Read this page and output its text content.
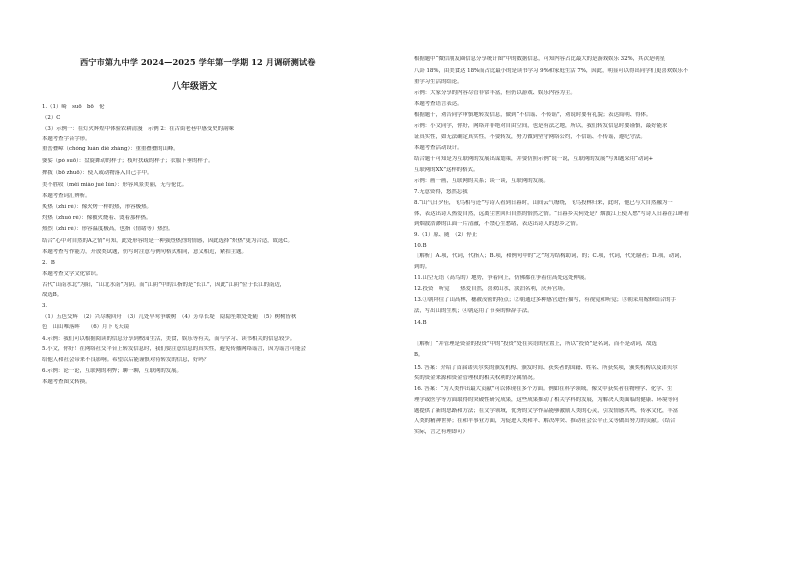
西宁市第九中学 2024—2025 学年第一学期 12 月调研测试卷
八年级语文
1.（1）崎　suō　bō　伦
（2）C
（3）示例一：在灯火辉煌中体验农耕清漫　示例 2：在古街老巷中感受史的韵味
本题考查字音字形。
重峦叠嶂（chóng luán dié zhàng）：重重叠叠的山峰。
婆娑（pó suō）：盘旋舞动的样子；枝叶扶疏的样子；衣服下垂的样子。
捭拨（bō zhuō）：使人或动物落入自己手中。
美不胜收（měi miào jué lún）：形容风景美丽，无与伦比。
本题考查词汇辨析。
炙热（zhì rè）：像火烤一样的热，形容极热。
灼热（zhuó rè）：像被火烧着、烫着那样热。
热烈（zhì rè）：形容温度极高，也指（情绪等）热烈。
结合“心中对自然的A之情”可知，此处形容的是一种强烈热烈的情感，因此选择“炽热”更为合适，故选C。
本题考查写作能力，开放类试题，仿写时注意与例句格式相同，意义相近，紧扣主题。
2．B
本题考查文学文化常识。
古代“山南水北”为阳，“山北水南”为阴。而“江阴”中的江指的是“长江”，因此“江阴”位于长江的南边，
故选B。
3．
（1）五色交辉　（2）兴尽晚回舟　（3）几处早莺争暖树　（4）芳草长堤　隐隐笙歌处处随　（5）树树皆秋
色　山山唯落晖　　（6）月下飞天镜
4.示例：我们可以根据阅读的信息分享到校园生活，美食，娱乐等有关，而与学习、读书相关的信息较少。
5.小文，你好！在网络社交平台上转发信息时，我们要注意信息的真实性，避免传播网络谣言，因为谣言可能会
给他人和社会带来不良影响。希望以后能谨慎对待转发的信息，好吗？
6.示例：论一论，互联网的利弊；聊一聊，互联网的发展。
本题考查图文转换。
根据题中“微信朋友圈信息分享统计图”中的数据信息，可知内容占比最大的是游戏娱乐 32%，其次是明星
八卦 18%，由美食达 18%而占比最小的是读书学习 9%和家庭生活 7%，因此，明显可以得出同学们更喜欢娱乐不
重学习生活的结论。
示例：大家分享的内容尽管非常丰富，但仍以游戏、娱乐内容为主。
本题考查语言表达。
根据题干，劝告同学审慎地转发信息，做到“不信谣、不传谣”，劝说时要有礼貌；表达简明、得体。
示例：小文同学，你好，网络并非绝对自由空间，也是有法之地，所以，我们转发信息时要谨慎，最好能求
证真实性，如无法确定真实性，不要转发，努力做到坚守网络公约，不信谣、不传谣，遵纪守法。
本题考查活动设计。
结合题干可知是为互联网的发展出谋划策，并要仿照示例“说一说，互联网的发展”写知题采用“动词+
互联网的XX”这样的格式。
示例：画一画，互联网的关系；谈一谈，互联网的发展。
7.无意资得，悠然忘我
8.“山气日夕佳，飞鸟相与还”写诗人看到日暮时，山间云气缭绕，飞鸟投林归来，此时，他已与大自然融为一
体，表达出诗人热爱自然，远离尘世回归自然的怡然之情。“日暮乡关何处是？烟波江上使人愁”写诗人日暮在江畔看
到烟波浩渺的江面一片清澈，不禁心生愁绪，表达出诗人的思乡之情。
9.（1）原、随　（2）停止
10.B
［解析］A.项，代词，代指人；B.项，和例句中的“之”均为结构助词，的；C.项，代词，代先谢者；D.项，动词，
到的。
11.山空无语（高鸟的）地势，争着向上，仿佛都在争着往高处远处伸展。
12.投资　听觉　　热爱自然，喜欢山水，淡泊名利，厌弃官场。
13.①朝拜住了山高林，穗被茂密的特点；②朝通过多种感官进行描写，有视觉和听觉；③朝采用嫁修结合的手
法，写出山的生机；④朝运用了节奏的修辞手法。
14.B
［解析］“并管理是资金的投资”中的“投资”处在宾语的位置上，所以“投资”是名词，而不是动词，故选
B。
15. 答案：介绍了首届诺贝尔奖的颁发机构、颁发时间、获奖者的国籍、姓名、所获奖项，颁奖机构以及诺贝尔
奖的资金来源和资金管理权的相关权利的分属情况。
16. 答案：“为人类作出最大贡献”可以体现在多个方面。例如在科学领域，像文中获奖者在物理学、化学、生
理学或医学等方面取得的突破性研究成果，这些成果推动了相关学科的发展，为解决人类面临的健康、环境等问
题提供了新的思路和方法；在文学领域，优秀的文学作品能够激励人类的心灵，引发情感共鸣，传承文化，丰富
人类的精神世界；在和平事业方面，为促进人类和平、解决冲突、推动社会公平正义等做出努力的贡献。（结合
实际，言之有理即可）
